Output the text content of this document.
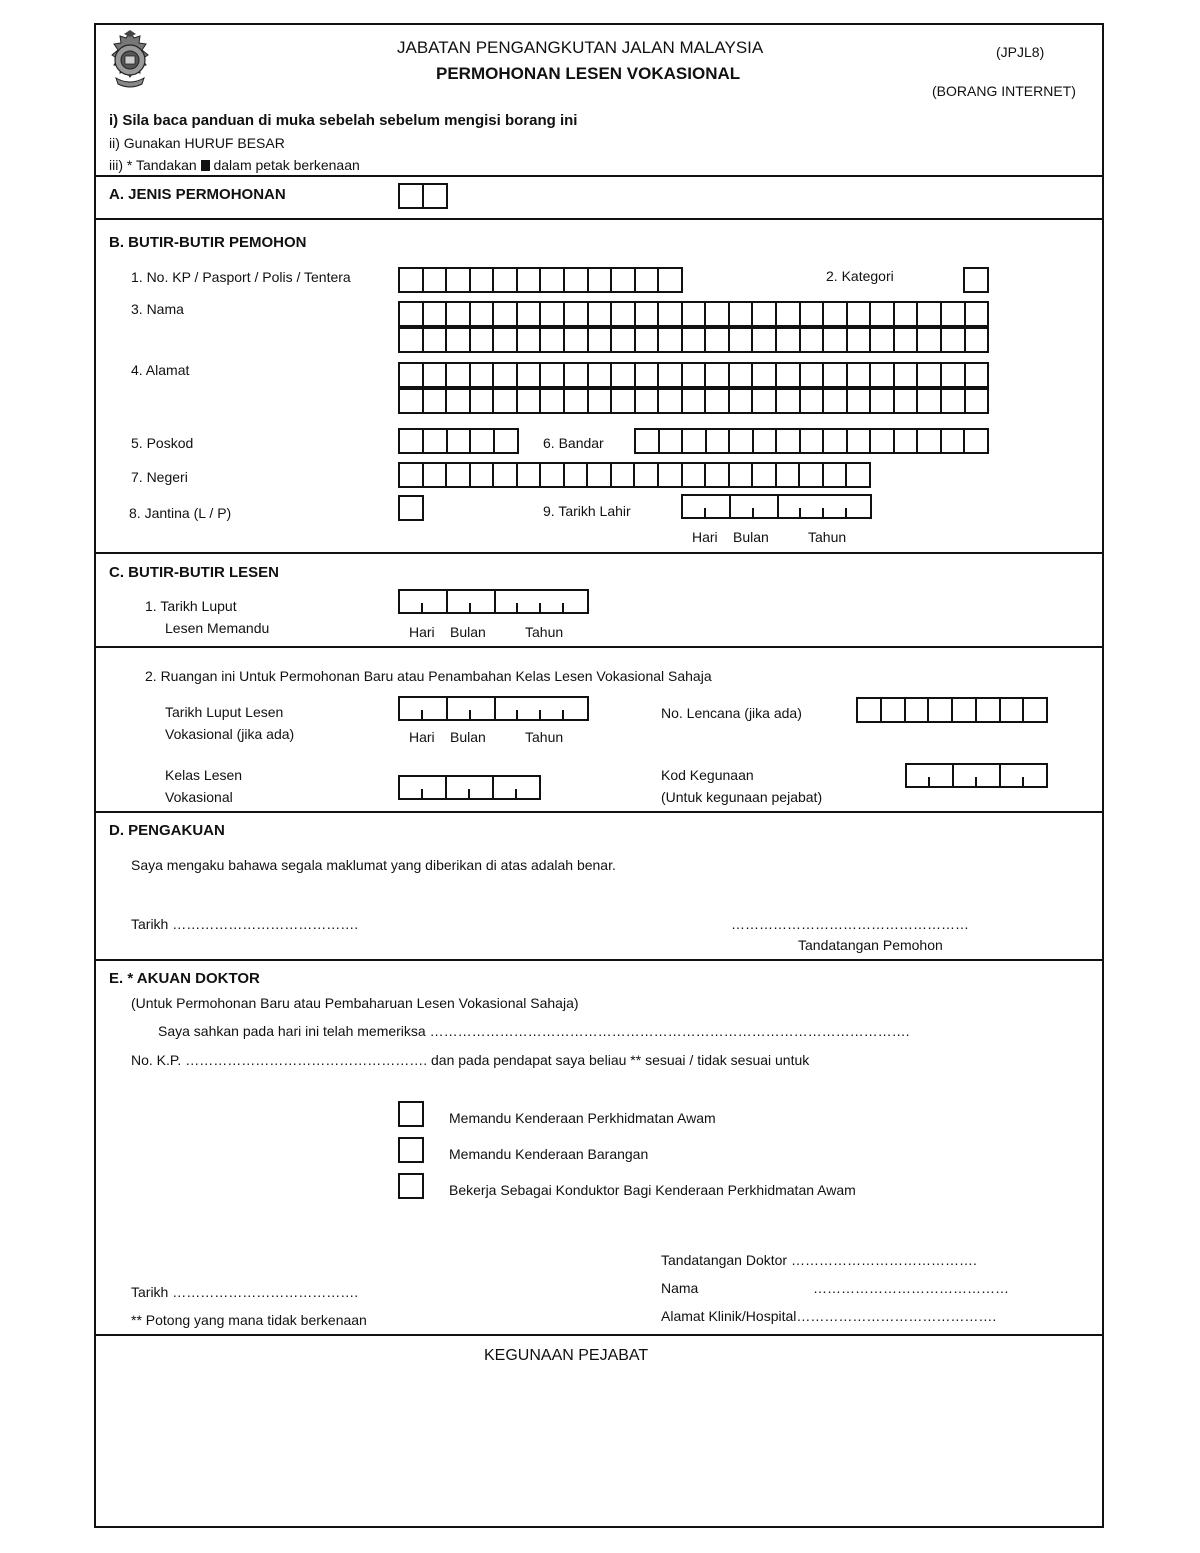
JABATAN PENGANGKUTAN JALAN MALAYSIA
PERMOHONAN LESEN VOKASIONAL
(JPJL8)
(BORANG INTERNET)
i) Sila baca panduan di muka sebelah sebelum mengisi borang ini
ii) Gunakan HURUF BESAR
iii) * Tandakan dalam petak berkenaan
A. JENIS PERMOHONAN
B. BUTIR-BUTIR PEMOHON
1. No. KP / Pasport / Polis / Tentera	2. Kategori
3. Nama
4. Alamat
5. Poskod	6. Bandar
7. Negeri
8. Jantina (L / P)	9. Tarikh Lahir
Hari Bulan	Tahun
C. BUTIR-BUTIR LESEN
1. Tarikh Luput
Lesen Memandu	Hari Bulan	Tahun
2. Ruangan ini Untuk Permohonan Baru atau Penambahan Kelas Lesen Vokasional Sahaja
Tarikh Luput Lesen
Vokasional (jika ada)	Hari Bulan	Tahun
No. Lencana (jika ada)
Kelas Lesen
Vokasional
Kod Kegunaan
(Untuk kegunaan pejabat)
D. PENGAKUAN
Saya mengaku bahawa segala maklumat yang diberikan di atas adalah benar.
Tarikh ………………………………….	……………………………………………
Tandatangan Pemohon
E. * AKUAN DOKTOR
(Untuk Permohonan Baru atau Pembaharuan Lesen Vokasional Sahaja)
Saya sahkan pada hari ini telah memeriksa ………………………………………………………………………………………….
No. K.P. ……………………………………………. dan pada pendapat saya beliau ** sesuai / tidak sesuai untuk
Memandu Kenderaan Perkhidmatan Awam
Memandu Kenderaan Barangan
Bekerja Sebagai Konduktor Bagi Kenderaan Perkhidmatan Awam
Tandatangan Doktor ………………………………….
Nama	……………………………………
Alamat Klinik/Hospital…………………………………….
Tarikh ………………………………….
** Potong yang mana tidak berkenaan
KEGUNAAN PEJABAT
